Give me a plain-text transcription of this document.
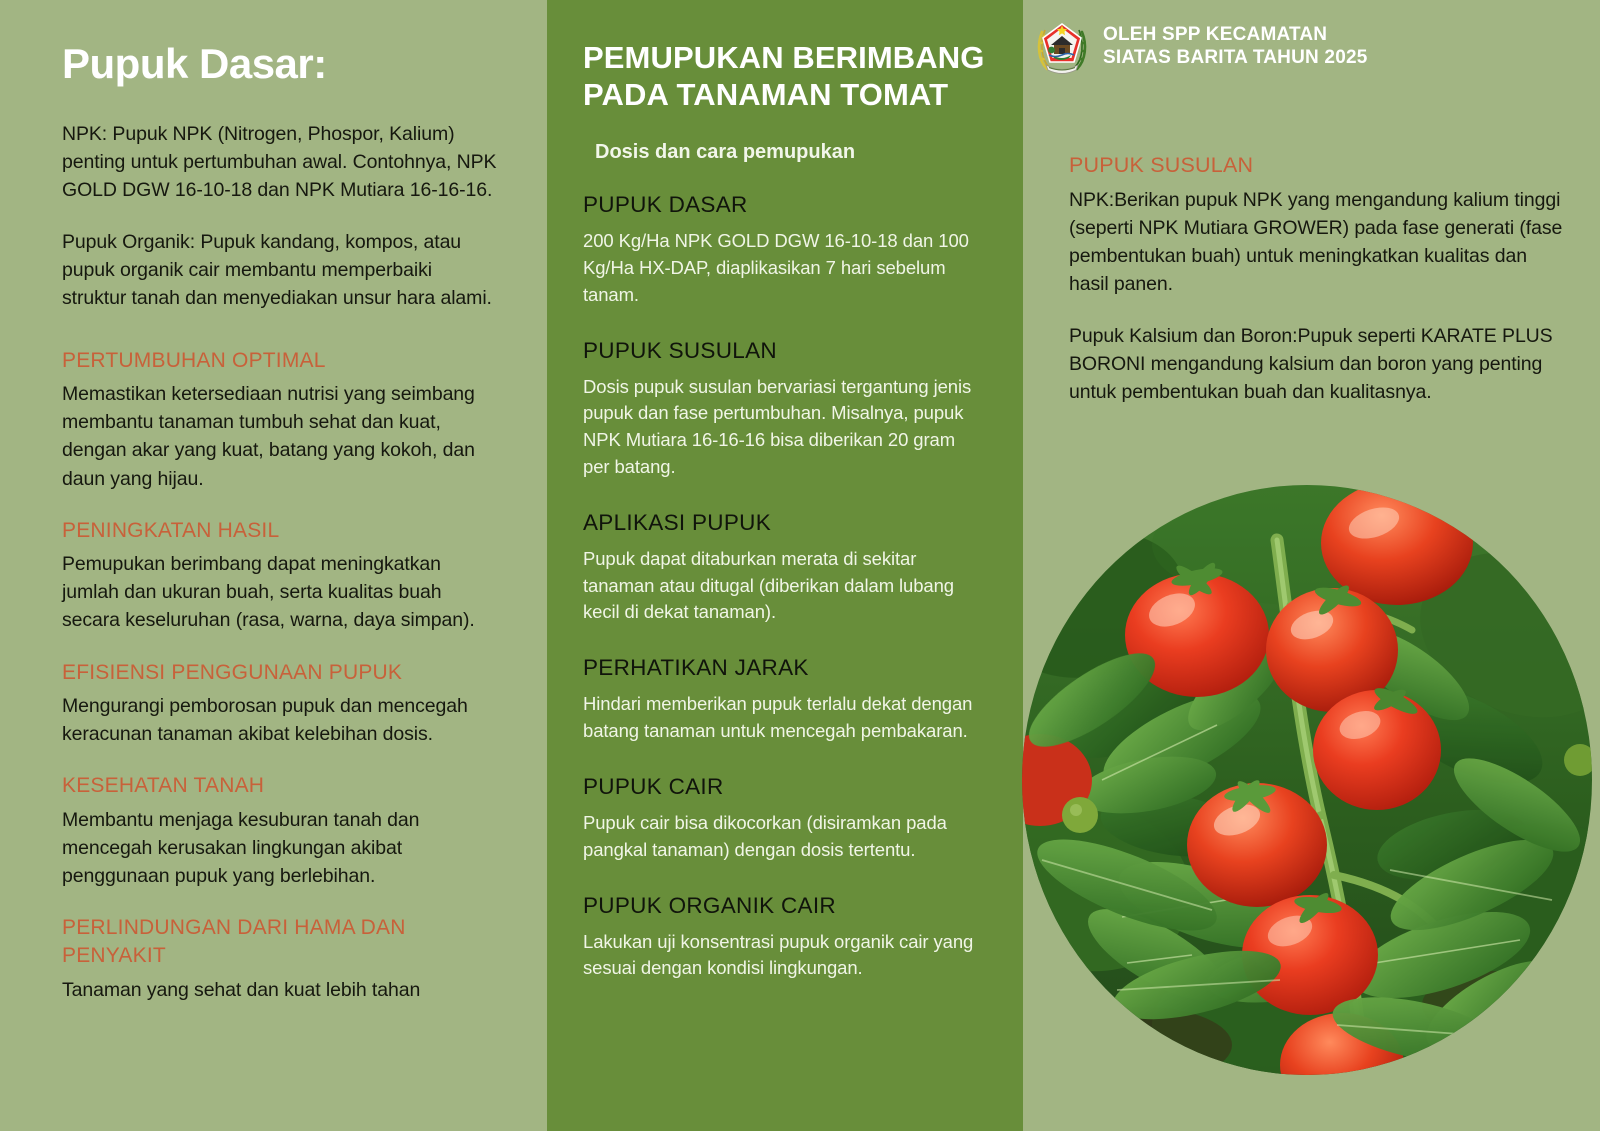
Pupuk Dasar:
NPK: Pupuk NPK (Nitrogen, Phospor, Kalium) penting untuk pertumbuhan awal. Contohnya, NPK GOLD DGW 16-10-18 dan NPK Mutiara 16-16-16.
Pupuk Organik: Pupuk kandang, kompos, atau pupuk organik cair membantu memperbaiki struktur tanah dan menyediakan unsur hara alami.
PERTUMBUHAN OPTIMAL
Memastikan ketersediaan nutrisi yang seimbang membantu tanaman tumbuh sehat dan kuat, dengan akar yang kuat, batang yang kokoh, dan daun yang hijau.
PENINGKATAN HASIL
Pemupukan berimbang dapat meningkatkan jumlah dan ukuran buah, serta kualitas buah secara keseluruhan (rasa, warna, daya simpan).
EFISIENSI PENGGUNAAN PUPUK
Mengurangi pemborosan pupuk dan mencegah keracunan tanaman akibat kelebihan dosis.
KESEHATAN TANAH
Membantu menjaga kesuburan tanah dan mencegah kerusakan lingkungan akibat penggunaan pupuk yang berlebihan.
PERLINDUNGAN DARI HAMA DAN PENYAKIT
Tanaman yang sehat dan kuat lebih tahan
PEMUPUKAN BERIMBANG PADA TANAMAN TOMAT
Dosis dan cara pemupukan
PUPUK DASAR
200 Kg/Ha NPK GOLD DGW 16-10-18 dan 100 Kg/Ha HX-DAP, diaplikasikan 7 hari sebelum tanam.
PUPUK SUSULAN
Dosis pupuk susulan bervariasi tergantung jenis pupuk dan fase pertumbuhan. Misalnya, pupuk NPK Mutiara 16-16-16 bisa diberikan 20 gram per batang.
APLIKASI PUPUK
Pupuk dapat ditaburkan merata di sekitar tanaman atau ditugal (diberikan dalam lubang kecil di dekat tanaman).
PERHATIKAN JARAK
Hindari memberikan pupuk terlalu dekat dengan batang tanaman untuk mencegah pembakaran.
PUPUK CAIR
Pupuk cair bisa dikocorkan (disiramkan pada pangkal tanaman) dengan dosis tertentu.
PUPUK ORGANIK CAIR
Lakukan uji konsentrasi pupuk organik cair yang sesuai dengan kondisi lingkungan.
OLEH SPP KECAMATAN
SIATAS BARITA TAHUN 2025
PUPUK SUSULAN
NPK:Berikan pupuk NPK yang mengandung kalium tinggi (seperti NPK Mutiara GROWER) pada fase generati (fase pembentukan buah) untuk meningkatkan kualitas dan hasil panen.
Pupuk Kalsium dan Boron:Pupuk seperti KARATE PLUS BORONI mengandung kalsium dan boron yang penting untuk pembentukan buah dan kualitasnya.
